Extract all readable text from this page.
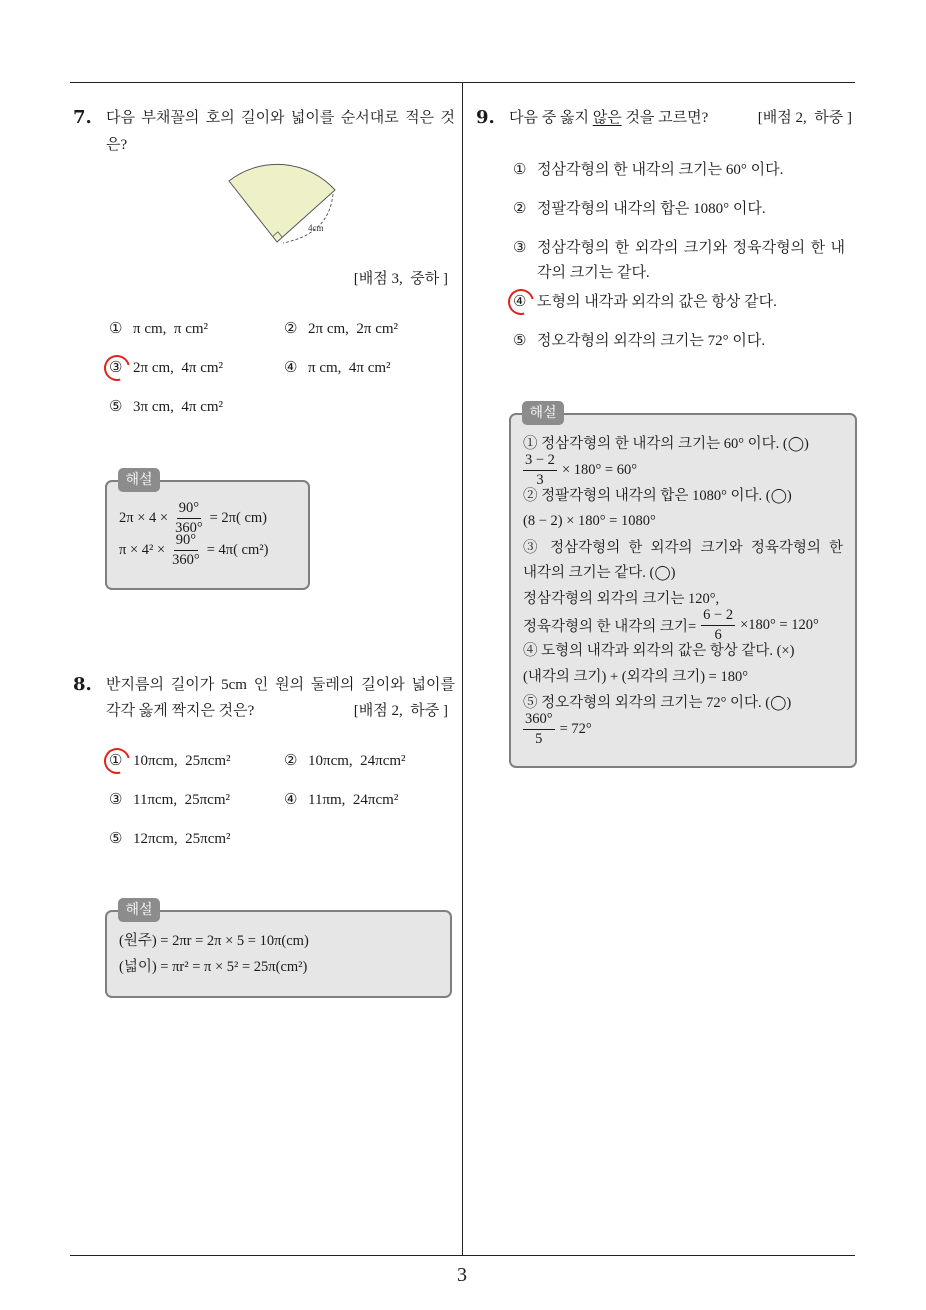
7. 다음 부채꼴의 호의 길이와 넓이를 순서대로 적은 것
은?
4cm
[배점 3,  중하 ]
① π cm,  π cm²	② 2π cm,  2π cm²
③ 2π cm,  4π cm²	④ π cm,  4π cm²
⑤ 3π cm,  4π cm²
해설
$2\pi \times 4 \times \frac{90^\circ}{360^\circ} = 2\pi$( cm)
$\pi \times 4^2 \times \frac{90^\circ}{360^\circ} = 4\pi$( cm²)
8. 반지름의 길이가 5cm 인 원의 둘레의 길이와 넓이를
각각 옳게 짝지은 것은?	[배점 2,  하중 ]
① 10πcm,  25πcm²	② 10πcm,  24πcm²
③ 11πcm,  25πcm²	④ 11πm,  24πcm²
⑤ 12πcm,  25πcm²
해설
(원주) = 2πr = 2π × 5 = 10π(cm)
(넓이) = πr² = π × 5² = 25π(cm²)
9. 다음 중 옳지 않은 것을 고르면?	[배점 2,  하중 ]
① 정삼각형의 한 내각의 크기는 60° 이다.
② 정팔각형의 내각의 합은 1080° 이다.
③ 정삼각형의 한 외각의 크기와 정육각형의 한 내
각의 크기는 같다.
④ 도형의 내각과 외각의 값은 항상 같다.
⑤ 정오각형의 외각의 크기는 72° 이다.
해설
① 정삼각형의 한 내각의 크기는 60° 이다. (◯)
$\frac{3 - 2}{3} \times 180^\circ = 60^\circ$
② 정팔각형의 내각의 합은 1080° 이다. (◯)
(8 − 2) × 180° = 1080°
③ 정삼각형의 한 외각의 크기와 정육각형의 한
내각의 크기는 같다. (◯)
정삼각형의 외각의 크기는 120°,
정육각형의 한 내각의 크기= $\frac{6 - 2}{6} \times 180^\circ = 120^\circ$
④ 도형의 내각과 외각의 값은 항상 같다. (×)
(내각의 크기) + (외각의 크기) = 180°
⑤ 정오각형의 외각의 크기는 72° 이다. (◯)
$\frac{360^\circ}{5} = 72^\circ$
3
